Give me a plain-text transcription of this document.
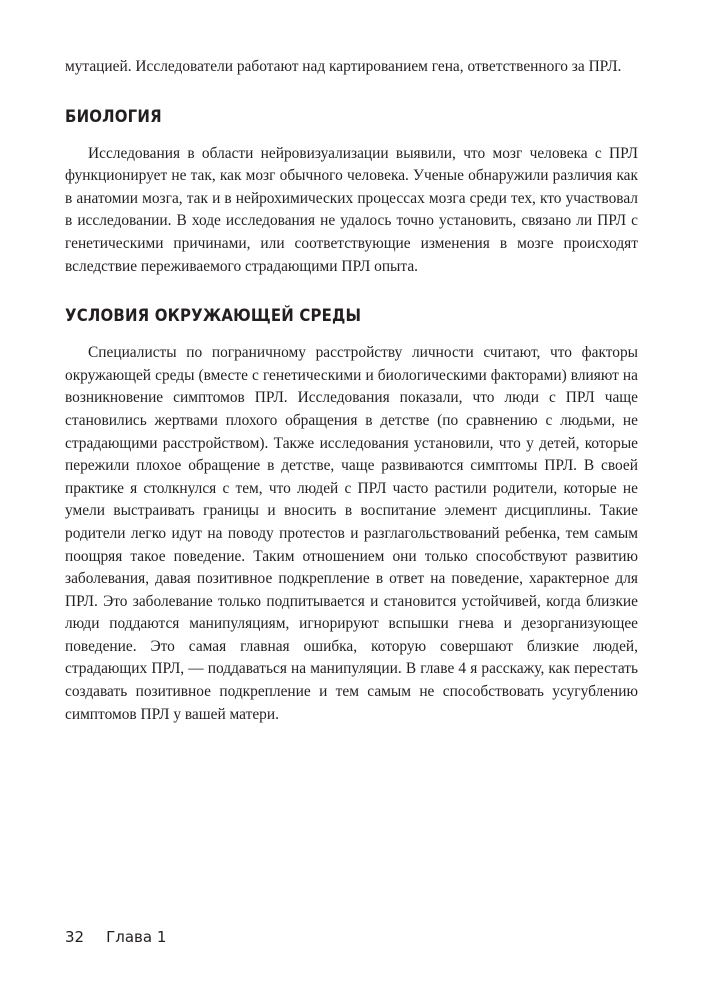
мутацией. Исследователи работают над картированием гена, ответственного за ПРЛ.

БИОЛОГИЯ

Исследования в области нейровизуализации выявили, что мозг человека с ПРЛ функционирует не так, как мозг обычного человека. Ученые обнаружили различия как в анатомии мозга, так и в нейрохимических процессах мозга среди тех, кто участвовал в исследовании. В ходе исследования не удалось точно установить, связано ли ПРЛ с генетическими причинами, или соответствующие изменения в мозге происходят вследствие переживаемого страдающими ПРЛ опыта.

УСЛОВИЯ ОКРУЖАЮЩЕЙ СРЕДЫ

Специалисты по пограничному расстройству личности считают, что факторы окружающей среды (вместе с генетическими и биологическими факторами) влияют на возникновение симптомов ПРЛ. Исследования показали, что люди с ПРЛ чаще становились жертвами плохого обращения в детстве (по сравнению с людьми, не страдающими расстройством). Также исследования установили, что у детей, которые пережили плохое обращение в детстве, чаще развиваются симптомы ПРЛ. В своей практике я столкнулся с тем, что людей с ПРЛ часто растили родители, которые не умели выстраивать границы и вносить в воспитание элемент дисциплины. Такие родители легко идут на поводу протестов и разглагольствований ребенка, тем самым поощряя такое поведение. Таким отношением они только способствуют развитию заболевания, давая позитивное подкрепление в ответ на поведение, характерное для ПРЛ. Это заболевание только подпитывается и становится устойчивей, когда близкие люди поддаются манипуляциям, игнорируют вспышки гнева и дезорганизующее поведение. Это самая главная ошибка, которую совершают близкие людей, страдающих ПРЛ, — поддаваться на манипуляции. В главе 4 я расскажу, как перестать создавать позитивное подкрепление и тем самым не способствовать усугублению симптомов ПРЛ у вашей матери.

32 Глава 1
